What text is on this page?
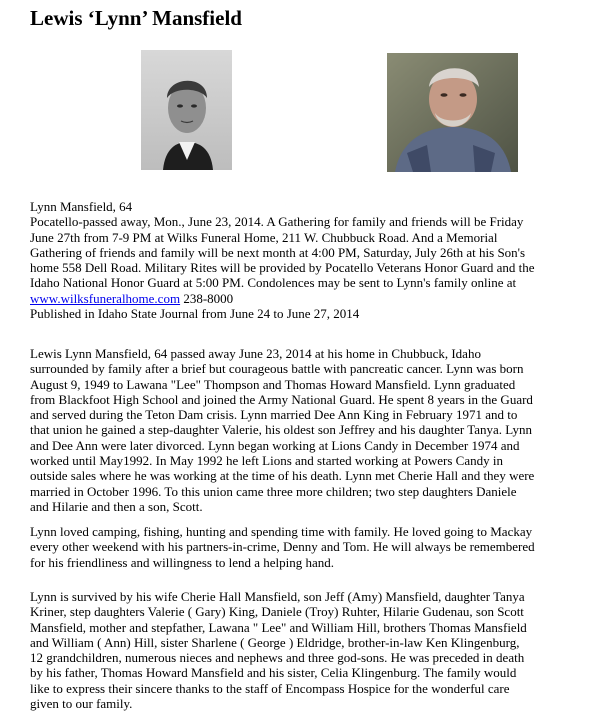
Lewis ‘Lynn’ Mansfield
Lynn Mansfield, 64
Pocatello-passed away, Mon., June 23, 2014. A Gathering for family and friends will be Friday
June 27th from 7-9 PM at Wilks Funeral Home, 211 W. Chubbuck Road. And a Memorial
Gathering of friends and family will be next month at 4:00 PM, Saturday, July 26th at his Son's
home 558 Dell Road. Military Rites will be provided by Pocatello Veterans Honor Guard and the
Idaho National Honor Guard at 5:00 PM. Condolences may be sent to Lynn's family online at
www.wilksfuneralhome.com 238-8000
Published in Idaho State Journal from June 24 to June 27, 2014
Lewis Lynn Mansfield, 64 passed away June 23, 2014 at his home in Chubbuck, Idaho
surrounded by family after a brief but courageous battle with pancreatic cancer. Lynn was born
August 9, 1949 to Lawana "Lee" Thompson and Thomas Howard Mansfield. Lynn graduated
from Blackfoot High School and joined the Army National Guard. He spent 8 years in the Guard
and served during the Teton Dam crisis. Lynn married Dee Ann King in February 1971 and to
that union he gained a step-daughter Valerie, his oldest son Jeffrey and his daughter Tanya. Lynn
and Dee Ann were later divorced. Lynn began working at Lions Candy in December 1974 and
worked until May1992. In May 1992 he left Lions and started working at Powers Candy in
outside sales where he was working at the time of his death. Lynn met Cherie Hall and they were
married in October 1996. To this union came three more children; two step daughters Daniele
and Hilarie and then a son, Scott.
Lynn loved camping, fishing, hunting and spending time with family. He loved going to Mackay
every other weekend with his partners-in-crime, Denny and Tom. He will always be remembered
for his friendliness and willingness to lend a helping hand.
Lynn is survived by his wife Cherie Hall Mansfield, son Jeff (Amy) Mansfield, daughter Tanya
Kriner, step daughters Valerie ( Gary) King, Daniele (Troy) Ruhter, Hilarie Gudenau, son Scott
Mansfield, mother and stepfather, Lawana " Lee" and William Hill, brothers Thomas Mansfield
and William ( Ann) Hill, sister Sharlene ( George ) Eldridge, brother-in-law Ken Klingenburg,
12 grandchildren, numerous nieces and nephews and three god-sons. He was preceded in death
by his father, Thomas Howard Mansfield and his sister, Celia Klingenburg. The family would
like to express their sincere thanks to the staff of Encompass Hospice for the wonderful care
given to our family.
